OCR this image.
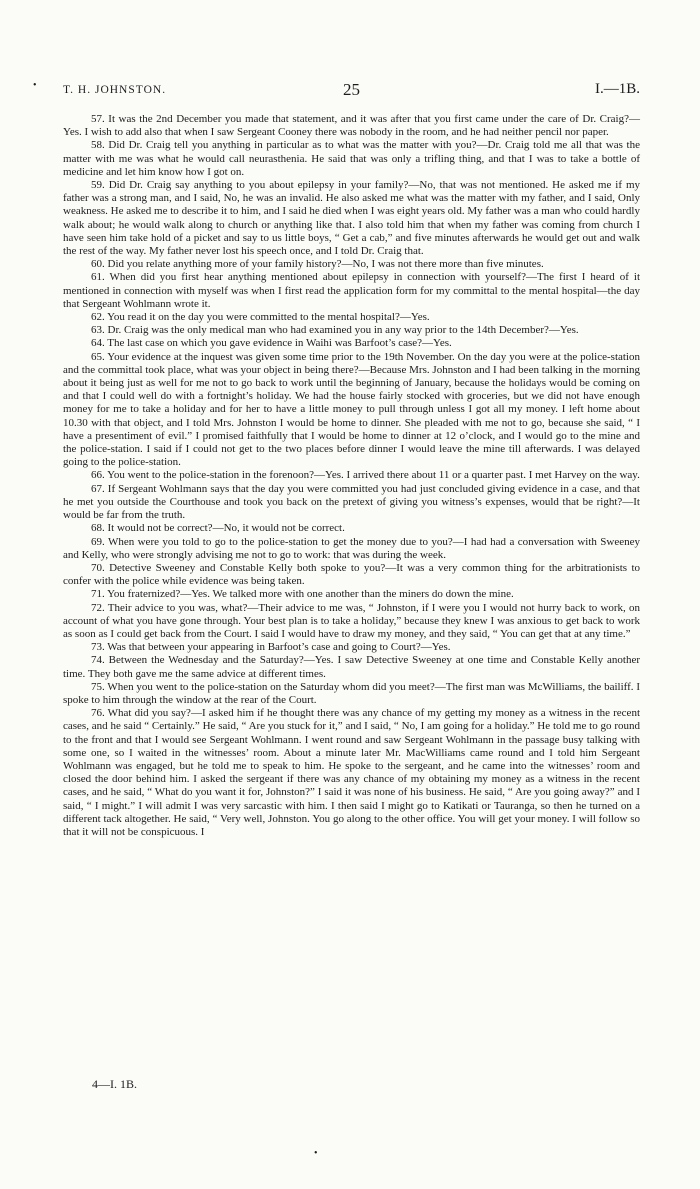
• T. H. JOHNSTON.	25	I.—1B.

57. It was the 2nd December you made that statement, and it was after that you first came under the care of Dr. Craig?—Yes. I wish to add also that when I saw Sergeant Cooney there was nobody in the room, and he had neither pencil nor paper.

58. Did Dr. Craig tell you anything in particular as to what was the matter with you?—Dr. Craig told me all that was the matter with me was what he would call neurasthenia. He said that was only a trifling thing, and that I was to take a bottle of medicine and let him know how I got on.

59. Did Dr. Craig say anything to you about epilepsy in your family?—No, that was not mentioned. He asked me if my father was a strong man, and I said, No, he was an invalid. He also asked me what was the matter with my father, and I said, Only weakness. He asked me to describe it to him, and I said he died when I was eight years old. My father was a man who could hardly walk about; he would walk along to church or anything like that. I also told him that when my father was coming from church I have seen him take hold of a picket and say to us little boys, “ Get a cab,” and five minutes afterwards he would get out and walk the rest of the way. My father never lost his speech once, and I told Dr. Craig that.

60. Did you relate anything more of your family history?—No, I was not there more than five minutes.

61. When did you first hear anything mentioned about epilepsy in connection with yourself?—The first I heard of it mentioned in connection with myself was when I first read the application form for my committal to the mental hospital—the day that Sergeant Wohlmann wrote it.

62. You read it on the day you were committed to the mental hospital?—Yes.

63. Dr. Craig was the only medical man who had examined you in any way prior to the 14th December?—Yes.

64. The last case on which you gave evidence in Waihi was Barfoot’s case?—Yes.

65. Your evidence at the inquest was given some time prior to the 19th November. On the day you were at the police-station and the committal took place, what was your object in being there?—Because Mrs. Johnston and I had been talking in the morning about it being just as well for me not to go back to work until the beginning of January, because the holidays would be coming on and that I could well do with a fortnight’s holiday. We had the house fairly stocked with groceries, but we did not have enough money for me to take a holiday and for her to have a little money to pull through unless I got all my money. I left home about 10.30 with that object, and I told Mrs. Johnston I would be home to dinner. She pleaded with me not to go, because she said, “ I have a presentiment of evil.” I promised faithfully that I would be home to dinner at 12 o’clock, and I would go to the mine and the police-station. I said if I could not get to the two places before dinner I would leave the mine till afterwards. I was delayed going to the police-station.

66. You went to the police-station in the forenoon?—Yes. I arrived there about 11 or a quarter past. I met Harvey on the way.

67. If Sergeant Wohlmann says that the day you were committed you had just concluded giving evidence in a case, and that he met you outside the Courthouse and took you back on the pretext of giving you witness’s expenses, would that be right?—It would be far from the truth.

68. It would not be correct?—No, it would not be correct.

69. When were you told to go to the police-station to get the money due to you?—I had had a conversation with Sweeney and Kelly, who were strongly advising me not to go to work: that was during the week.

70. Detective Sweeney and Constable Kelly both spoke to you?—It was a very common thing for the arbitrationists to confer with the police while evidence was being taken.

71. You fraternized?—Yes. We talked more with one another than the miners do down the mine.

72. Their advice to you was, what?—Their advice to me was, “ Johnston, if I were you I would not hurry back to work, on account of what you have gone through. Your best plan is to take a holiday,” because they knew I was anxious to get back to work as soon as I could get back from the Court. I said I would have to draw my money, and they said, “ You can get that at any time.”

73. Was that between your appearing in Barfoot’s case and going to Court?—Yes.

74. Between the Wednesday and the Saturday?—Yes. I saw Detective Sweeney at one time and Constable Kelly another time. They both gave me the same advice at different times.

75. When you went to the police-station on the Saturday whom did you meet?—The first man was McWilliams, the bailiff. I spoke to him through the window at the rear of the Court.

76. What did you say?—I asked him if he thought there was any chance of my getting my money as a witness in the recent cases, and he said “ Certainly.” He said, “ Are you stuck for it,” and I said, “ No, I am going for a holiday.” He told me to go round to the front and that I would see Sergeant Wohlmann. I went round and saw Sergeant Wohlmann in the passage busy talking with some one, so I waited in the witnesses’ room. About a minute later Mr. MacWilliams came round and I told him Sergeant Wohlmann was engaged, but he told me to speak to him. He spoke to the sergeant, and he came into the witnesses’ room and closed the door behind him. I asked the sergeant if there was any chance of my obtaining my money as a witness in the recent cases, and he said, “ What do you want it for, Johnston?” I said it was none of his business. He said, “ Are you going away?” and I said, “ I might.” I will admit I was very sarcastic with him. I then said I might go to Katikati or Tauranga, so then he turned on a different tack altogether. He said, “ Very well, Johnston. You go along to the other office. You will get your money. I will follow so that it will not be conspicuous. I

4—I. 1B.
•
